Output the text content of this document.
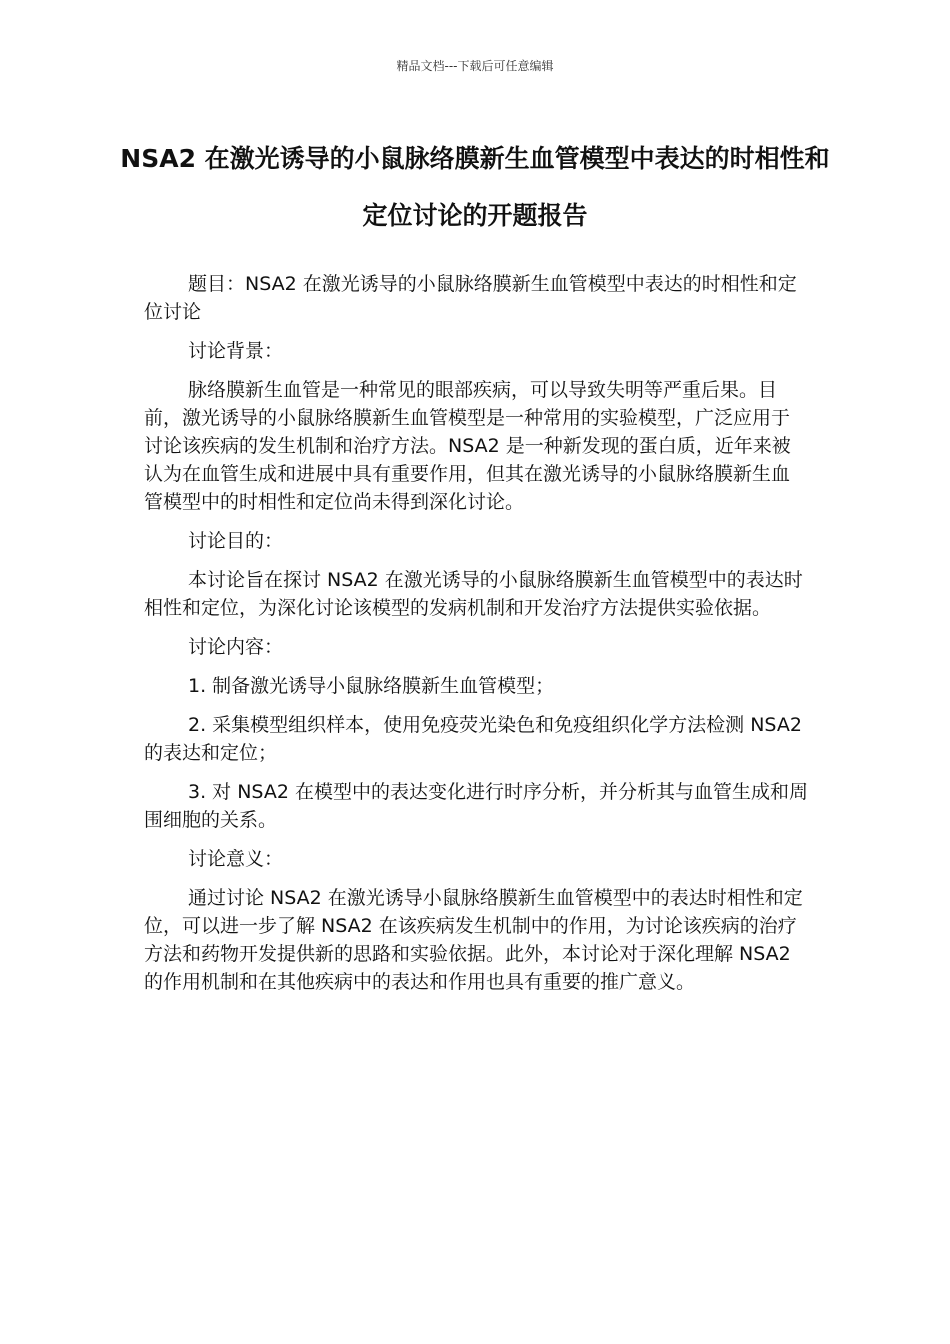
精品文档---下载后可任意编辑
NSA2 在激光诱导的小鼠脉络膜新生血管模型中表达的时相性和定位讨论的开题报告

题目：NSA2 在激光诱导的小鼠脉络膜新生血管模型中表达的时相性和定位讨论

讨论背景：

脉络膜新生血管是一种常见的眼部疾病，可以导致失明等严重后果。目前，激光诱导的小鼠脉络膜新生血管模型是一种常用的实验模型，广泛应用于讨论该疾病的发生机制和治疗方法。NSA2 是一种新发现的蛋白质，近年来被认为在血管生成和进展中具有重要作用，但其在激光诱导的小鼠脉络膜新生血管模型中的时相性和定位尚未得到深化讨论。

讨论目的：

本讨论旨在探讨 NSA2 在激光诱导的小鼠脉络膜新生血管模型中的表达时相性和定位，为深化讨论该模型的发病机制和开发治疗方法提供实验依据。

讨论内容：

1. 制备激光诱导小鼠脉络膜新生血管模型；

2. 采集模型组织样本，使用免疫荧光染色和免疫组织化学方法检测 NSA2 的表达和定位；

3. 对 NSA2 在模型中的表达变化进行时序分析，并分析其与血管生成和周围细胞的关系。

讨论意义：

通过讨论 NSA2 在激光诱导小鼠脉络膜新生血管模型中的表达时相性和定位，可以进一步了解 NSA2 在该疾病发生机制中的作用，为讨论该疾病的治疗方法和药物开发提供新的思路和实验依据。此外，本讨论对于深化理解 NSA2 的作用机制和在其他疾病中的表达和作用也具有重要的推广意义。
